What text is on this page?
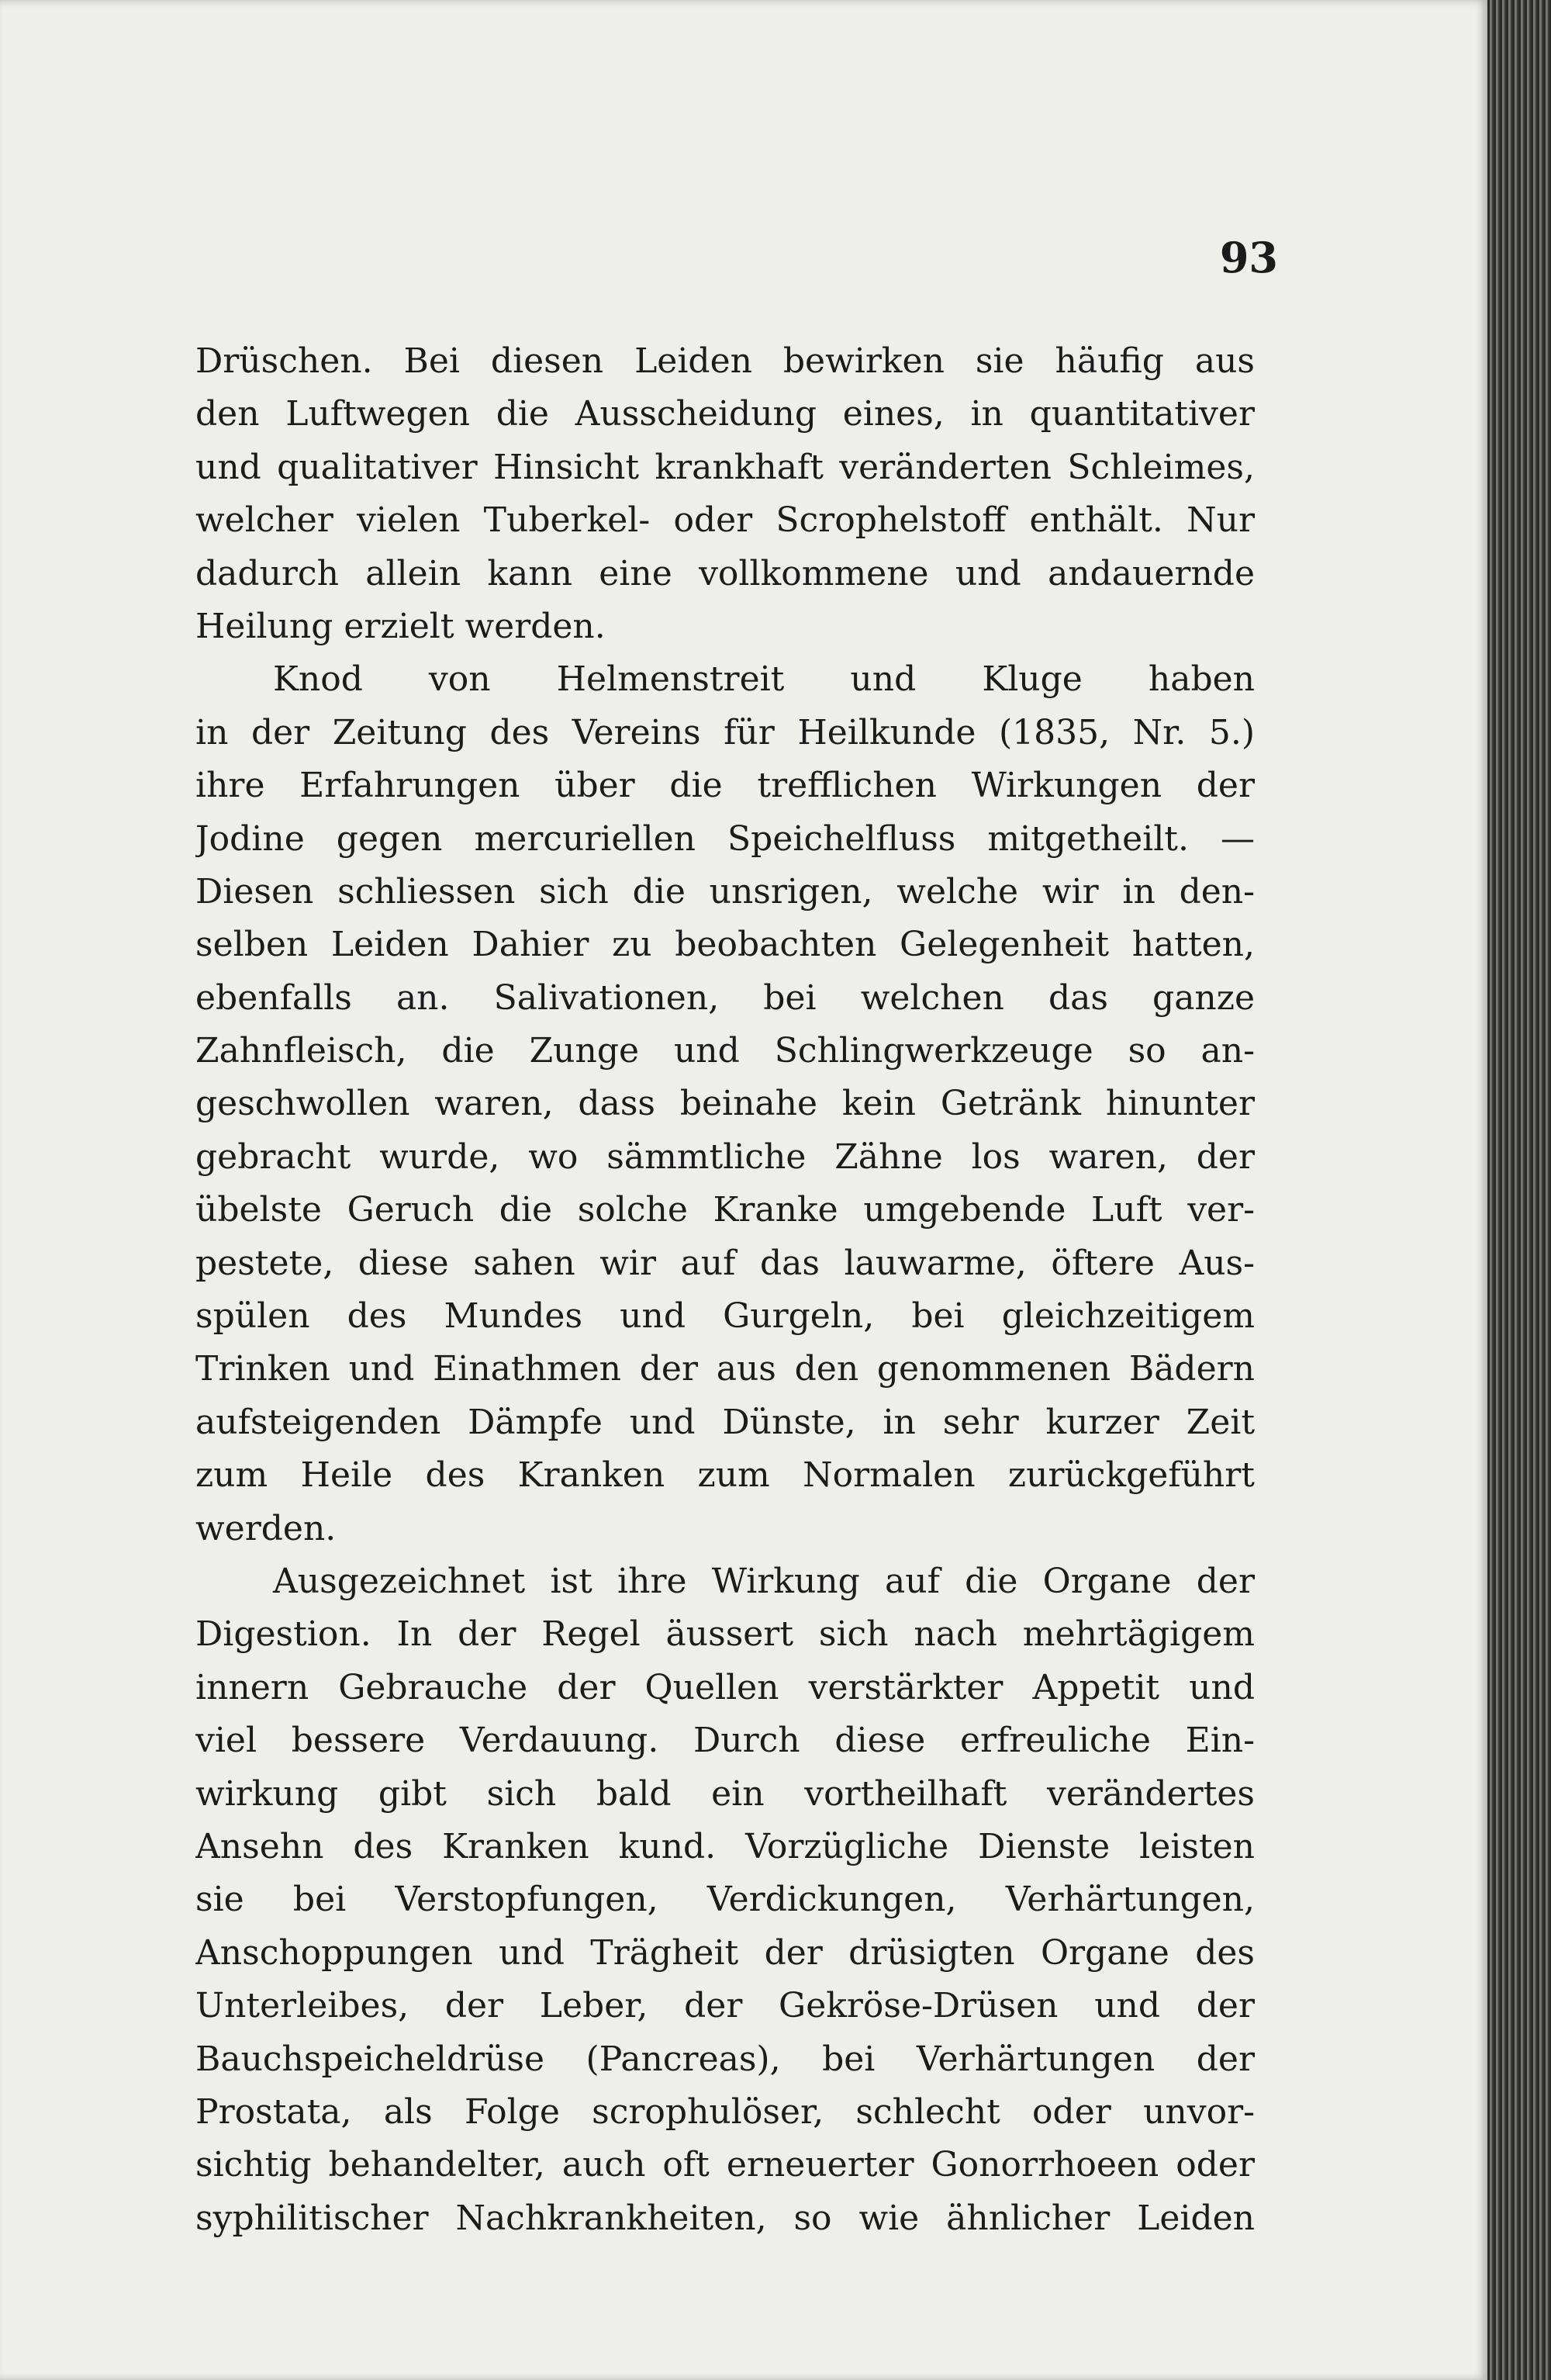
93
Drüschen. Bei diesen Leiden bewirken sie häufig aus
den Luftwegen die Ausscheidung eines, in quantitativer
und qualitativer Hinsicht krankhaft veränderten Schleimes,
welcher vielen Tuberkel- oder Scrophelstoff enthält. Nur
dadurch allein kann eine vollkommene und andauernde
Heilung erzielt werden.
Knod von Helmenstreit und Kluge haben
in der Zeitung des Vereins für Heilkunde (1835, Nr. 5.)
ihre Erfahrungen über die trefflichen Wirkungen der
Jodine gegen mercuriellen Speichelfluss mitgetheilt. —
Diesen schliessen sich die unsrigen, welche wir in den-
selben Leiden Dahier zu beobachten Gelegenheit hatten,
ebenfalls an. Salivationen, bei welchen das ganze
Zahnfleisch, die Zunge und Schlingwerkzeuge so an-
geschwollen waren, dass beinahe kein Getränk hinunter
gebracht wurde, wo sämmtliche Zähne los waren, der
übelste Geruch die solche Kranke umgebende Luft ver-
pestete, diese sahen wir auf das lauwarme, öftere Aus-
spülen des Mundes und Gurgeln, bei gleichzeitigem
Trinken und Einathmen der aus den genommenen Bädern
aufsteigenden Dämpfe und Dünste, in sehr kurzer Zeit
zum Heile des Kranken zum Normalen zurückgeführt
werden.
Ausgezeichnet ist ihre Wirkung auf die Organe der
Digestion. In der Regel äussert sich nach mehrtägigem
innern Gebrauche der Quellen verstärkter Appetit und
viel bessere Verdauung. Durch diese erfreuliche Ein-
wirkung gibt sich bald ein vortheilhaft verändertes
Ansehn des Kranken kund. Vorzügliche Dienste leisten
sie bei Verstopfungen, Verdickungen, Verhärtungen,
Anschoppungen und Trägheit der drüsigten Organe des
Unterleibes, der Leber, der Gekröse-Drüsen und der
Bauchspeicheldrüse (Pancreas), bei Verhärtungen der
Prostata, als Folge scrophulöser, schlecht oder unvor-
sichtig behandelter, auch oft erneuerter Gonorrhoeen oder
syphilitischer Nachkrankheiten, so wie ähnlicher Leiden
